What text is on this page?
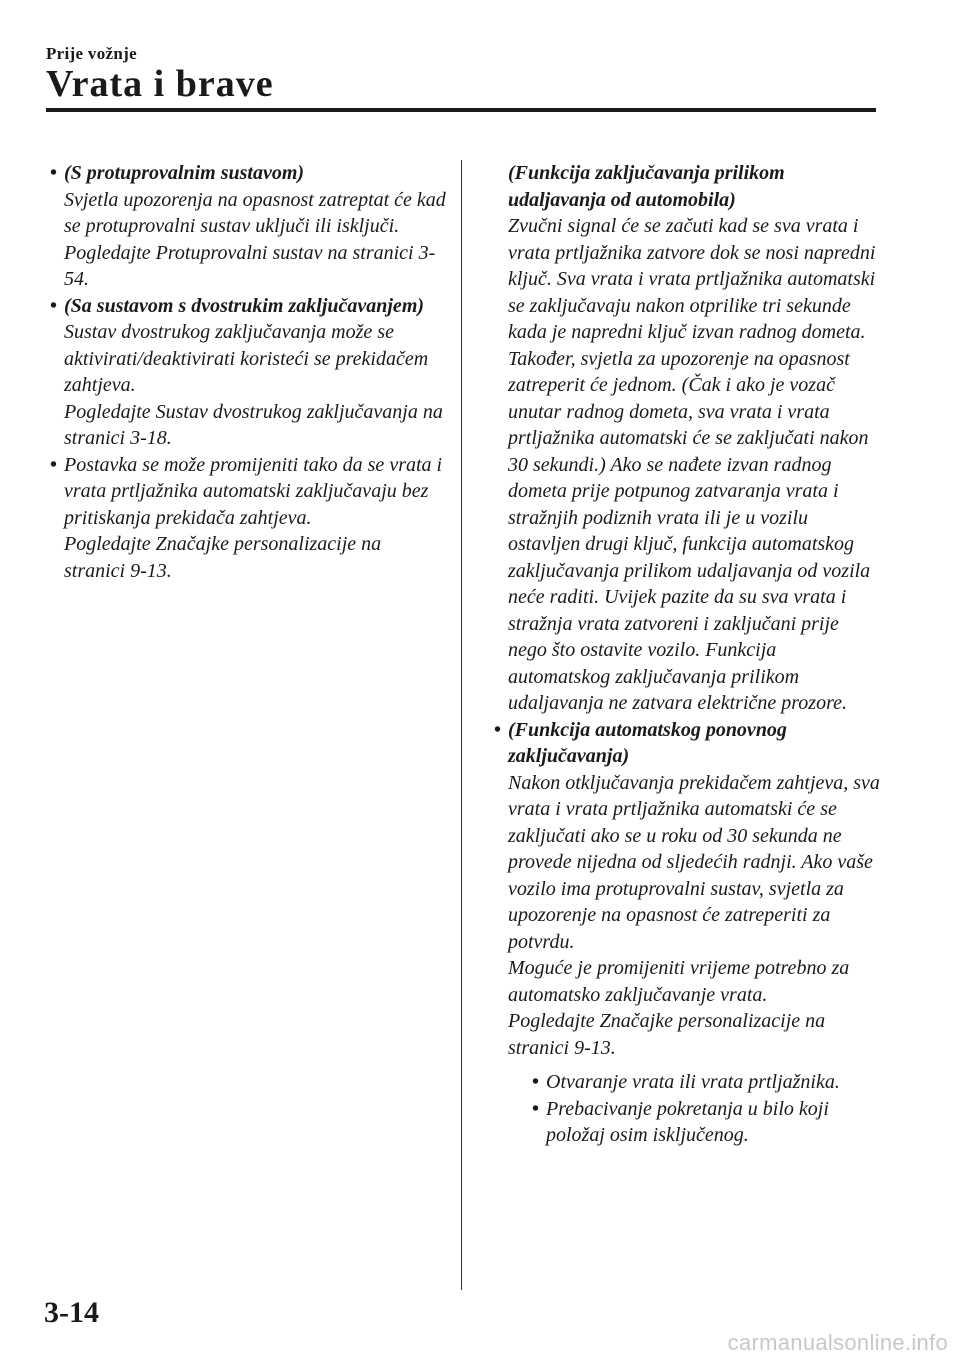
Prije vožnje
Vrata i brave
• (S protuprovalnim sustavom)
Svjetla upozorenja na opasnost zatreptat će kad se protuprovalni sustav uključi ili isključi.
Pogledajte Protuprovalni sustav na stranici 3-54.
• (Sa sustavom s dvostrukim zaključavanjem)
Sustav dvostrukog zaključavanja može se aktivirati/deaktivirati koristeći se prekidačem zahtjeva.
Pogledajte Sustav dvostrukog zaključavanja na stranici 3-18.
• Postavka se može promijeniti tako da se vrata i vrata prtljažnika automatski zaključavaju bez pritiskanja prekidača zahtjeva.
Pogledajte Značajke personalizacije na stranici 9-13.
(Funkcija zaključavanja prilikom udaljavanja od automobila)
Zvučni signal će se začuti kad se sva vrata i vrata prtljažnika zatvore dok se nosi napredni ključ. Sva vrata i vrata prtljažnika automatski se zaključavaju nakon otprilike tri sekunde kada je napredni ključ izvan radnog dometa. Također, svjetla za upozorenje na opasnost zatreperit će jednom. (Čak i ako je vozač unutar radnog dometa, sva vrata i vrata prtljažnika automatski će se zaključati nakon 30 sekundi.) Ako se nađete izvan radnog dometa prije potpunog zatvaranja vrata i stražnjih podiznih vrata ili je u vozilu ostavljen drugi ključ, funkcija automatskog zaključavanja prilikom udaljavanja od vozila neće raditi. Uvijek pazite da su sva vrata i stražnja vrata zatvoreni i zaključani prije nego što ostavite vozilo. Funkcija automatskog zaključavanja prilikom udaljavanja ne zatvara električne prozore.
• (Funkcija automatskog ponovnog zaključavanja)
Nakon otključavanja prekidačem zahtjeva, sva vrata i vrata prtljažnika automatski će se zaključati ako se u roku od 30 sekunda ne provede nijedna od sljedećih radnji. Ako vaše vozilo ima protuprovalni sustav, svjetla za upozorenje na opasnost će zatreperiti za potvrdu.
Moguće je promijeniti vrijeme potrebno za automatsko zaključavanje vrata.
Pogledajte Značajke personalizacije na stranici 9-13.
• Otvaranje vrata ili vrata prtljažnika.
• Prebacivanje pokretanja u bilo koji položaj osim isključenog.
3-14
carmanualsonline.info
